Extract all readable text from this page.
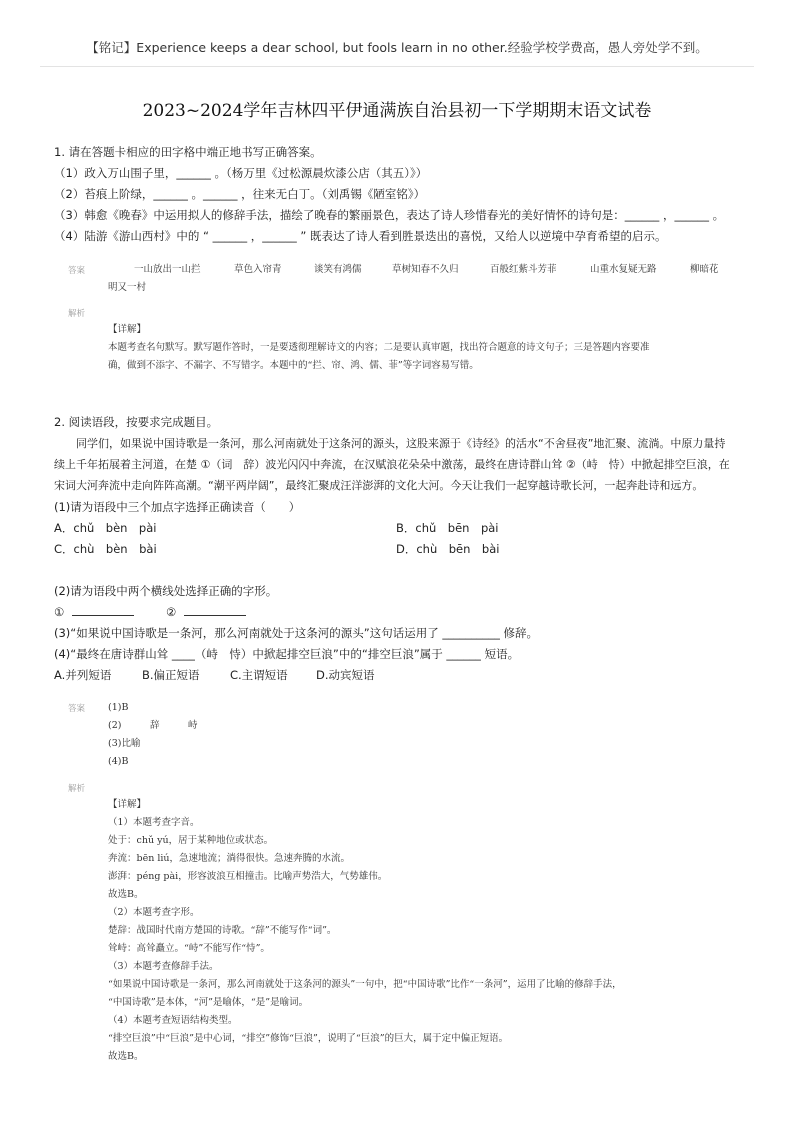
【铭记】Experience keeps a dear school, but fools learn in no other.经验学校学费高，愚人旁处学不到。
2023~2024学年吉林四平伊通满族自治县初一下学期期末语文试卷
1. 请在答题卡相应的田字格中端正地书写正确答案。
（1）政入万山围子里，______ 。（杨万里《过松源晨炊漆公店（其五）》）
（2）苔痕上阶绿，______ 。______ ，往来无白丁。（刘禹锡《陋室铭》）
（3）韩愈《晚春》中运用拟人的修辞手法，描绘了晚春的繁丽景色，表达了诗人珍惜春光的美好情怀的诗句是：______ ，______ 。
（4）陆游《游山西村》中的 “ ______ ，______ ” 既表达了诗人看到胜景迭出的喜悦，又给人以逆境中孕育希望的启示。
答案	一山放出一山拦	草色入帘青	谈笑有鸿儒	草树知春不久归	百般红紫斗芳菲	山重水复疑无路	柳暗花
明又一村
解析
【详解】
本题考查名句默写。默写题作答时，一是要透彻理解诗文的内容；二是要认真审题，找出符合题意的诗文句子；三是答题内容要准
确，做到不添字、不漏字、不写错字。本题中的“拦、帘、鸿、儒、菲”等字词容易写错。
2. 阅读语段，按要求完成题目。
同学们，如果说中国诗歌是一条河，那么河南就处于这条河的源头，这股来源于《诗经》的活水“不舍昼夜”地汇聚、流淌。中原力量持
续上千年拓展着主河道，在楚 ①（词　辞）波光闪闪中奔流，在汉赋浪花朵朵中激荡，最终在唐诗群山耸 ②（峙　恃）中掀起排空巨浪，在
宋词大河奔流中走向阵阵高潮。“潮平两岸阔”，最终汇聚成汪洋澎湃的文化大河。今天让我们一起穿越诗歌长河，一起奔赴诗和远方。
(1)请为语段中三个加点字选择正确读音（　　）
A．chǔ　bèn　pài	B．chǔ　bēn　pài
C．chù　bèn　bài	D．chù　bēn　bài
(2)请为语段中两个横线处选择正确的字形。
①	②
(3)“如果说中国诗歌是一条河，那么河南就处于这条河的源头”这句话运用了 __________ 修辞。
(4)“最终在唐诗群山耸 ____（峙　恃）中掀起排空巨浪”中的“排空巨浪”属于 ______ 短语。
A.并列短语	B.偏正短语	C.主谓短语 D.动宾短语
答案 (1)B
(2)　　　辞　　　峙
(3)比喻
(4)B
解析
【详解】
（1）本题考查字音。
处于：chǔ yú，居于某种地位或状态。
奔流：bēn liú，急速地流；淌得很快。急速奔腾的水流。
澎湃：péng pài，形容波浪互相撞击。比喻声势浩大，气势雄伟。
故选B。
（2）本题考查字形。
楚辞：战国时代南方楚国的诗歌。“辞”不能写作“词”。
耸峙：高耸矗立。“峙”不能写作“恃”。
（3）本题考查修辞手法。
“如果说中国诗歌是一条河，那么河南就处于这条河的源头”一句中，把“中国诗歌”比作“一条河”，运用了比喻的修辞手法，
“中国诗歌”是本体，“河”是喻体，“是”是喻词。
（4）本题考查短语结构类型。
“排空巨浪”中“巨浪”是中心词，“排空”修饰“巨浪”，说明了“巨浪”的巨大，属于定中偏正短语。
故选B。
